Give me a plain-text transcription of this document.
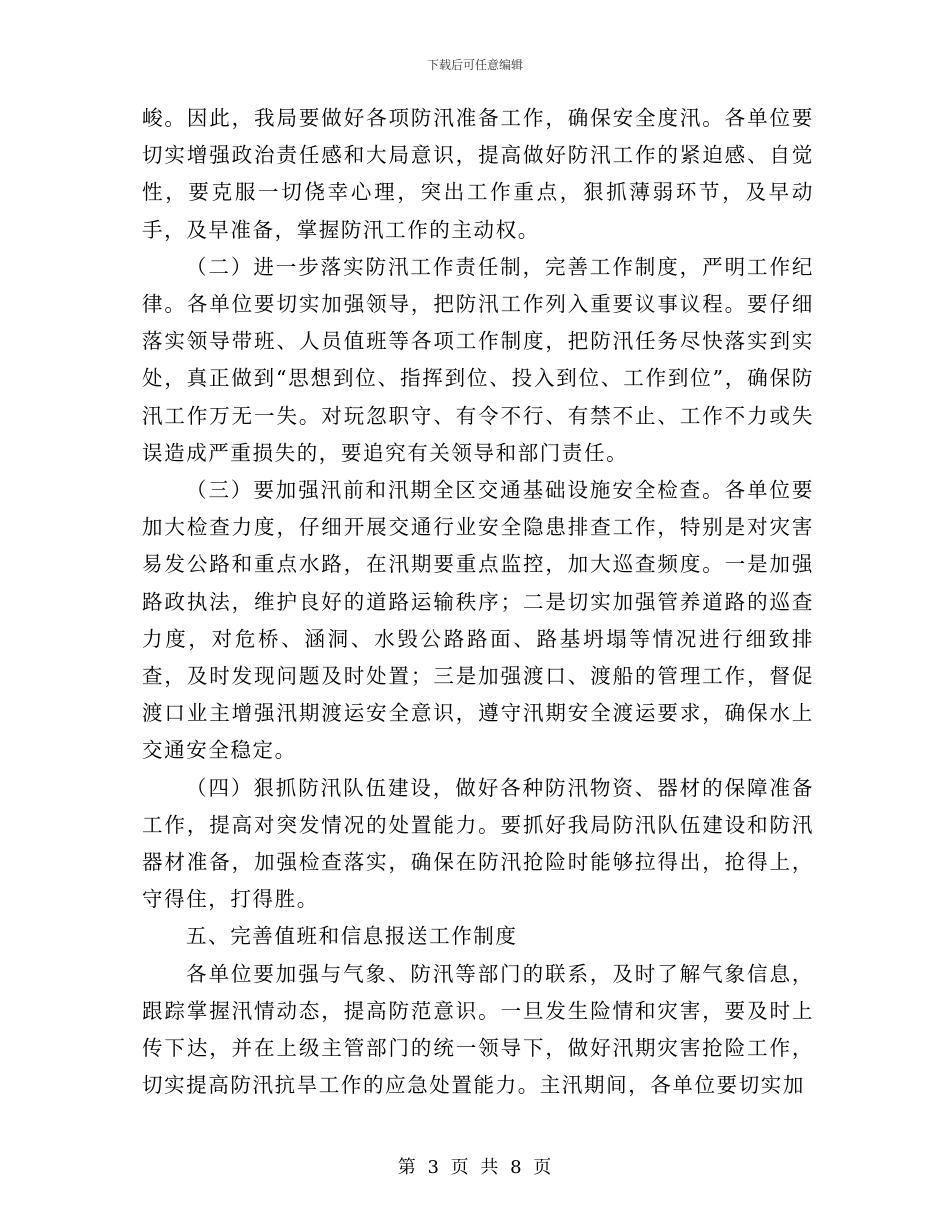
下载后可任意编辑

峻。因此，我局要做好各项防汛准备工作，确保安全度汛。各单位要切实增强政治责任感和大局意识，提高做好防汛工作的紧迫感、自觉性，要克服一切侥幸心理，突出工作重点，狠抓薄弱环节，及早动手，及早准备，掌握防汛工作的主动权。

（二）进一步落实防汛工作责任制，完善工作制度，严明工作纪律。各单位要切实加强领导，把防汛工作列入重要议事议程。要仔细落实领导带班、人员值班等各项工作制度，把防汛任务尽快落实到实处，真正做到“思想到位、指挥到位、投入到位、工作到位”，确保防汛工作万无一失。对玩忽职守、有令不行、有禁不止、工作不力或失误造成严重损失的，要追究有关领导和部门责任。

（三）要加强汛前和汛期全区交通基础设施安全检查。各单位要加大检查力度，仔细开展交通行业安全隐患排查工作，特别是对灾害易发公路和重点水路，在汛期要重点监控，加大巡查频度。一是加强路政执法，维护良好的道路运输秩序；二是切实加强管养道路的巡查力度，对危桥、涵洞、水毁公路路面、路基坍塌等情况进行细致排查，及时发现问题及时处置；三是加强渡口、渡船的管理工作，督促渡口业主增强汛期渡运安全意识，遵守汛期安全渡运要求，确保水上交通安全稳定。

（四）狠抓防汛队伍建设，做好各种防汛物资、器材的保障准备工作，提高对突发情况的处置能力。要抓好我局防汛队伍建设和防汛器材准备，加强检查落实，确保在防汛抢险时能够拉得出，抢得上，守得住，打得胜。

五、完善值班和信息报送工作制度

各单位要加强与气象、防汛等部门的联系，及时了解气象信息，跟踪掌握汛情动态，提高防范意识。一旦发生险情和灾害，要及时上传下达，并在上级主管部门的统一领导下，做好汛期灾害抢险工作，切实提高防汛抗旱工作的应急处置能力。主汛期间，各单位要切实加

第 3 页 共 8 页
